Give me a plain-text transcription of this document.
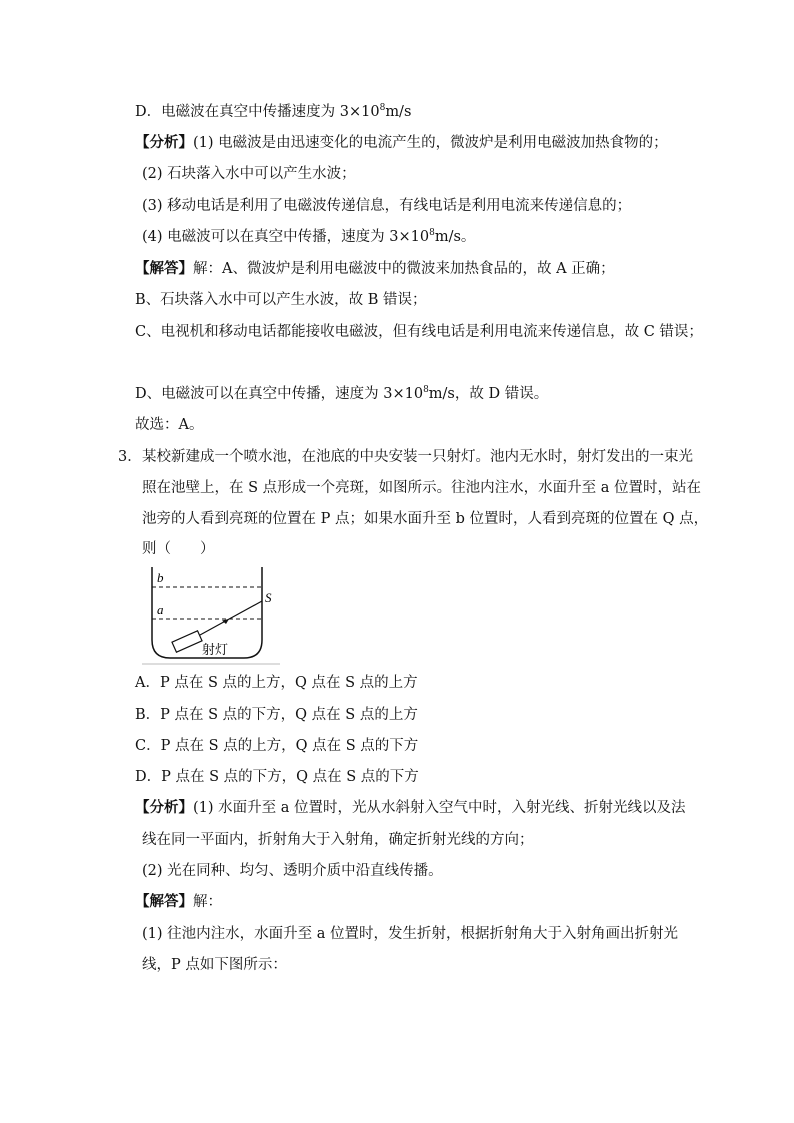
D．电磁波在真空中传播速度为 $3\times 10^8m/s$
【分析】(1) 电磁波是由迅速变化的电流产生的，微波炉是利用电磁波加热食物的；
(2) 石块落入水中可以产生水波；
(3) 移动电话是利用了电磁波传递信息，有线电话是利用电流来传递信息的；
(4) 电磁波可以在真空中传播，速度为 $3\times 10^8m/s$。
【解答】解：A、微波炉是利用电磁波中的微波来加热食品的，故 A 正确；
B、石块落入水中可以产生水波，故 B 错误；
C、电视机和移动电话都能接收电磁波，但有线电话是利用电流来传递信息，故 C 错误；
D、电磁波可以在真空中传播，速度为 $3\times 10^8m/s$，故 D 错误。
故选：A。
3． 某校新建成一个喷水池，在池底的中央安装一只射灯。池内无水时，射灯发出的一束光
照在池壁上，在 S 点形成一个亮斑，如图所示。往池内注水，水面升至 a 位置时，站在
池旁的人看到亮斑的位置在 P 点；如果水面升至 b 位置时，人看到亮斑的位置在 Q 点，
则（　　）
b
a
S
射灯
A．P 点在 S 点的上方，Q 点在 S 点的上方
B．P 点在 S 点的下方，Q 点在 S 点的上方
C．P 点在 S 点的上方，Q 点在 S 点的下方
D．P 点在 S 点的下方，Q 点在 S 点的下方
【分析】(1) 水面升至 a 位置时，光从水斜射入空气中时，入射光线、折射光线以及法
线在同一平面内，折射角大于入射角，确定折射光线的方向；
(2) 光在同种、均匀、透明介质中沿直线传播。
【解答】解：
(1) 往池内注水，水面升至 a 位置时，发生折射，根据折射角大于入射角画出折射光
线，P 点如下图所示：
